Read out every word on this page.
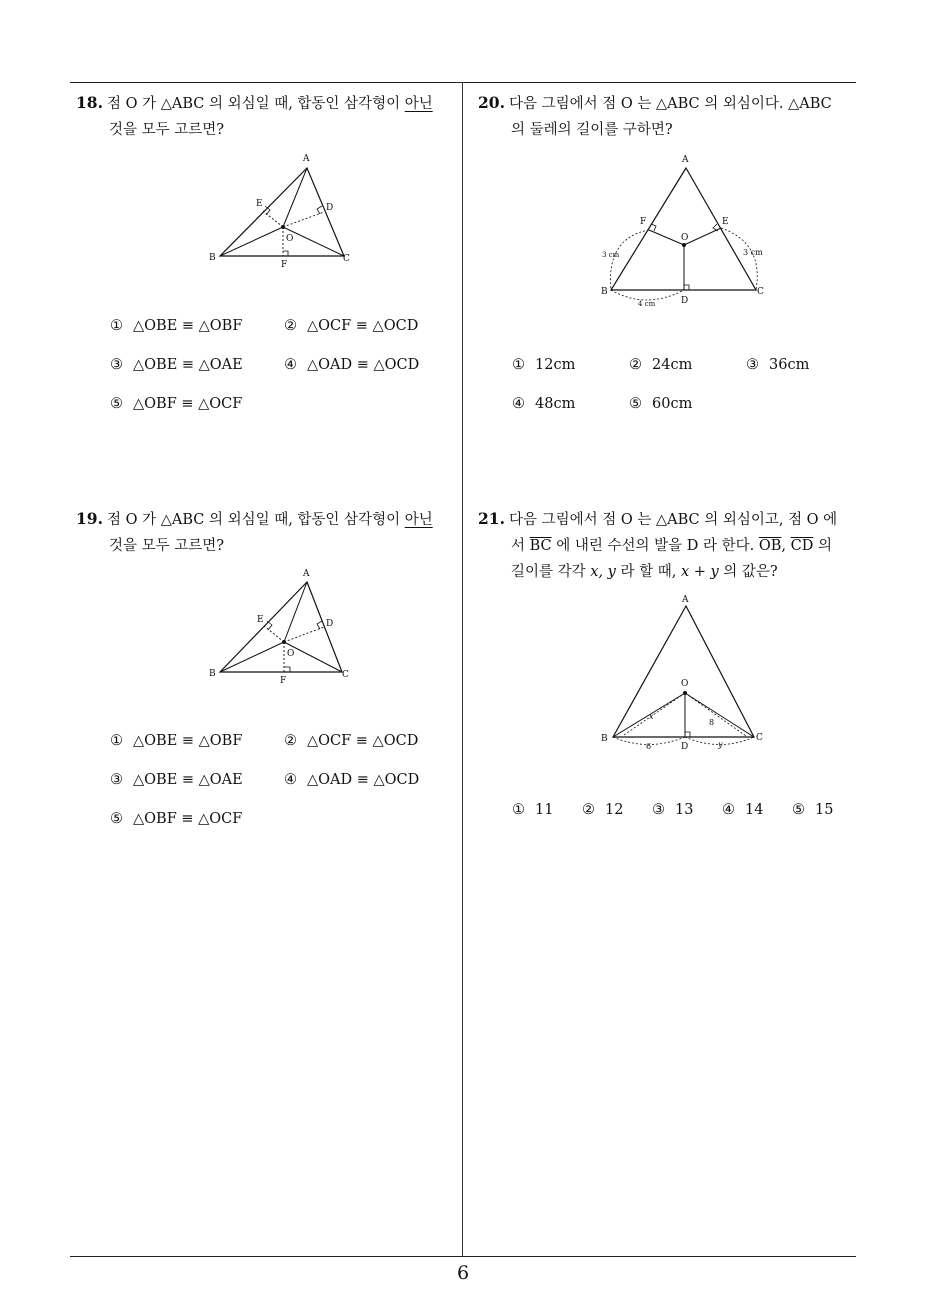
18. 점 O 가 △ABC 의 외심일 때, 합동인 삼각형이 아닌
것을 모두 고르면?

A
B	C
D
E
F
O
① △OBE ≡ △OBF	② △OCF ≡ △OCD
③ △OBE ≡ △OAE	④ △OAD ≡ △OCD
⑤ △OBF ≡ △OCF

19. 점 O 가 △ABC 의 외심일 때, 합동인 삼각형이 아닌
것을 모두 고르면?

A
B	C
D
E
F
O
① △OBE ≡ △OBF	② △OCF ≡ △OCD
③ △OBE ≡ △OAE	④ △OAD ≡ △OCD
⑤ △OBF ≡ △OCF

20. 다음 그림에서 점 O 는 △ABC 의 외심이다. △ABC
의 둘레의 길이를 구하면?

A
B	C
D
E
F
O
3 cm	3 cm
4 cm
① 12cm	② 24cm	③ 36cm
④ 48cm	⑤ 60cm

21. 다음 그림에서 점 O 는 △ABC 의 외심이고, 점 O 에
서 $\overline{BC}$ 에 내린 수선의 발을 D 라 한다. $\overline{OB}$, $\overline{CD}$ 의
길이를 각각 x, y 라 할 때, x + y 의 값은?

A
B	C
D
O
x
y
6
8
① 11 ② 12 ③ 13 ④ 14 ⑤ 15
6
